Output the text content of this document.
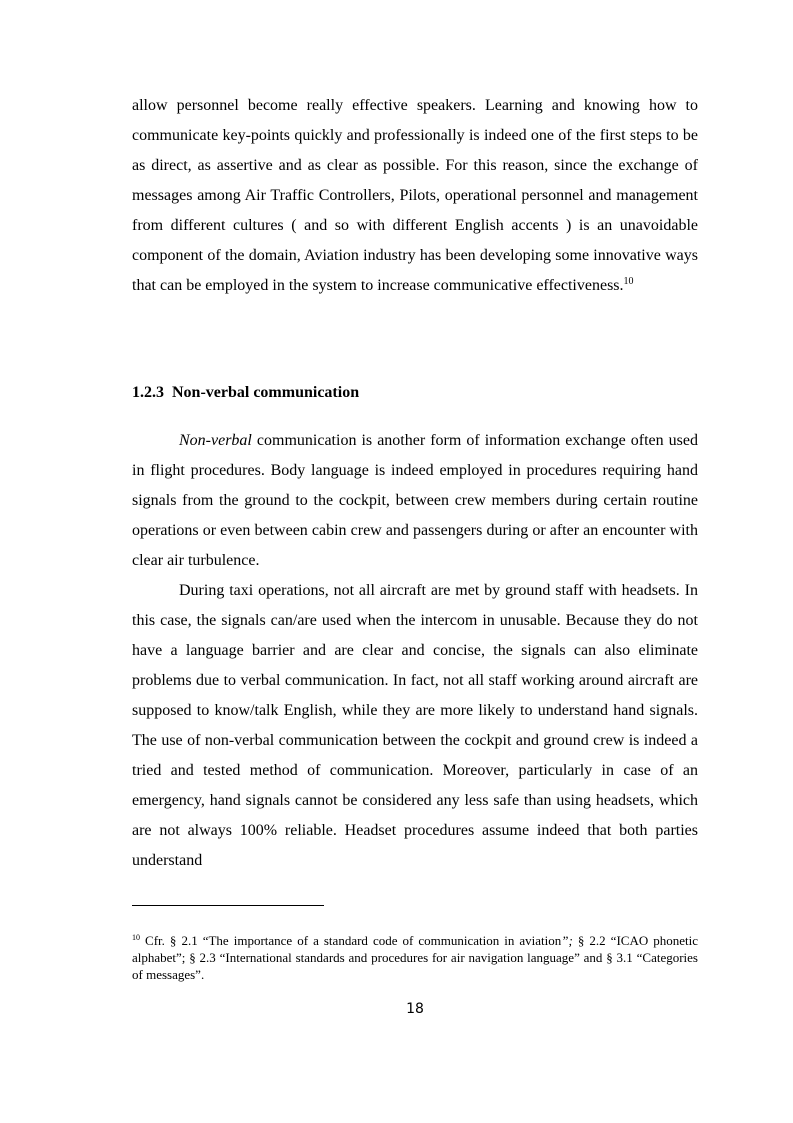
allow personnel become really effective speakers. Learning and knowing how to communicate key-points quickly and professionally is indeed one of the first steps to be as direct, as assertive and as clear as possible. For this reason, since the exchange of messages among Air Traffic Controllers, Pilots, operational personnel and management from different cultures ( and so with different English accents ) is an unavoidable component of the domain, Aviation industry has been developing some innovative ways that can be employed in the system to increase communicative effectiveness.$^{10}$

1.2.3 Non-verbal communication

Non-verbal communication is another form of information exchange often used in flight procedures. Body language is indeed employed in procedures requiring hand signals from the ground to the cockpit, between crew members during certain routine operations or even between cabin crew and passengers during or after an encounter with clear air turbulence.

During taxi operations, not all aircraft are met by ground staff with headsets. In this case, the signals can/are used when the intercom in unusable. Because they do not have a language barrier and are clear and concise, the signals can also eliminate problems due to verbal communication. In fact, not all staff working around aircraft are supposed to know/talk English, while they are more likely to understand hand signals. The use of non-verbal communication between the cockpit and ground crew is indeed a tried and tested method of communication. Moreover, particularly in case of an emergency, hand signals cannot be considered any less safe than using headsets, which are not always 100% reliable. Headset procedures assume indeed that both parties understand

$^{10}$ Cfr. § 2.1 “The importance of a standard code of communication in aviation”; § 2.2 “ICAO phonetic alphabet”; § 2.3 “International standards and procedures for air navigation language” and § 3.1 “Categories of messages”.

18
